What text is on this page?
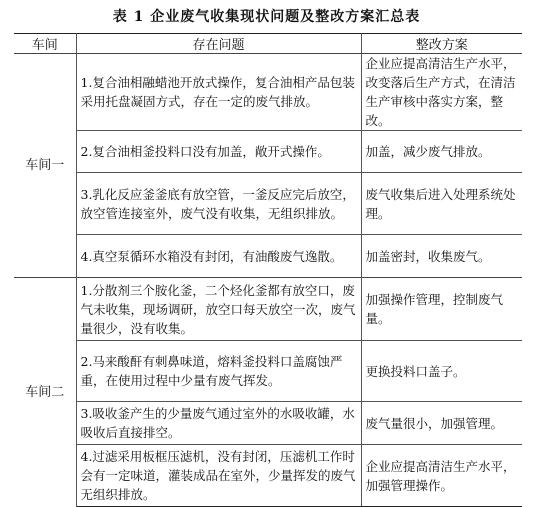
表 1 企业废气收集现状问题及整改方案汇总表
车间	存在问题	整改方案
车间一	1.复合油相融蜡池开放式操作，复合油相产品包装采用托盘凝固方式，存在一定的废气排放。	企业应提高清洁生产水平，改变落后生产方式，在清洁生产审核中落实方案，整改。
	2.复合油相釜投料口没有加盖，敞开式操作。	加盖，减少废气排放。
	3.乳化反应釜釜底有放空管，一釜反应完后放空，放空管连接室外，废气没有收集，无组织排放。	废气收集后进入处理系统处理。
	4.真空泵循环水箱没有封闭，有油酸废气逸散。	加盖密封，收集废气。
车间二	1.分散剂三个胺化釜，二个烃化釜都有放空口，废气未收集，现场调研，放空口每天放空一次，废气量很少，没有收集。	加强操作管理，控制废气量。
	2.马来酸酐有刺鼻味道，熔料釜投料口盖腐蚀严重，在使用过程中少量有废气挥发。	更换投料口盖子。
	3.吸收釜产生的少量废气通过室外的水吸收罐，水吸收后直接排空。	废气量很小，加强管理。
	4.过滤采用板框压滤机，没有封闭，压滤机工作时会有一定味道，灌装成品在室外，少量挥发的废气无组织排放。	企业应提高清洁生产水平，加强管理操作。
